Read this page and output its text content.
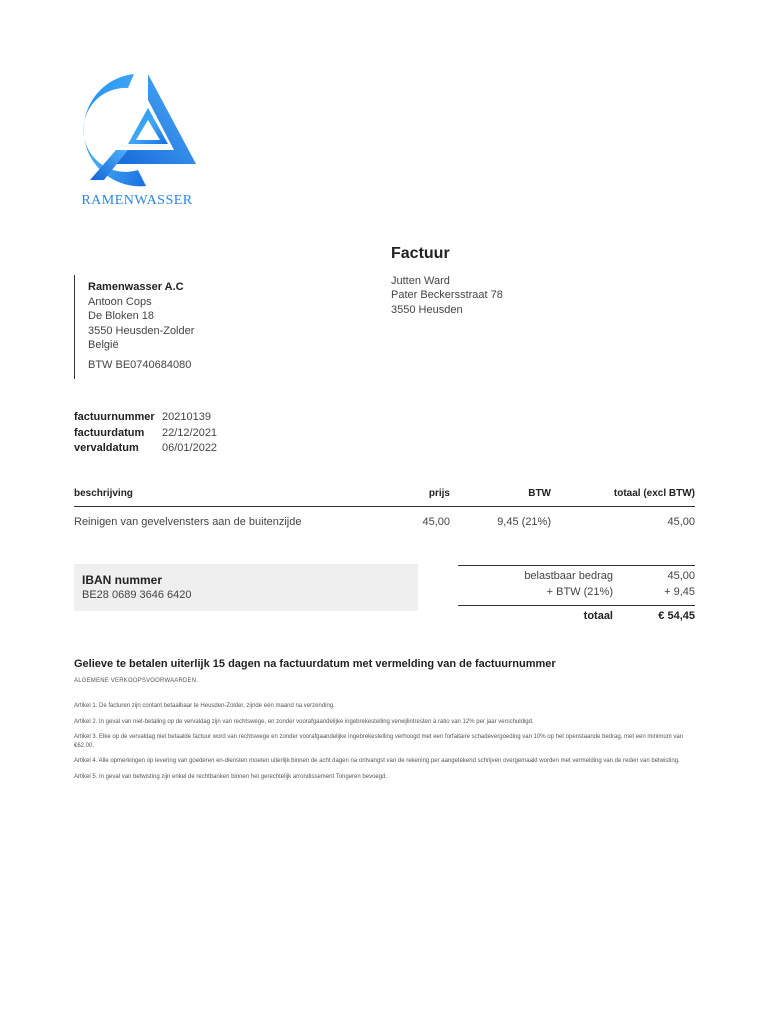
RAMENWASSER
Factuur
Ramenwasser A.C
Antoon Cops
De Bloken 18
3550 Heusden-Zolder
België
BTW BE0740684080
Jutten Ward
Pater Beckersstraat 78
3550 Heusden
factuurnummer 20210139
factuurdatum	22/12/2021
vervaldatum	06/01/2022
beschrijving	prijs	BTW	totaal (excl BTW)
Reinigen van gevelvensters aan de buitenzijde	45,00	9,45 (21%)	45,00
IBAN nummer
BE28 0689 3646 6420
belastbaar bedrag	45,00
+ BTW (21%)	+ 9,45
totaal	€ 54,45
Gelieve te betalen uiterlijk 15 dagen na factuurdatum met vermelding van de factuurnummer
ALGEMENE VERKOOPSVOORWAARDEN.
Artikel 1. De facturen zijn contant betaalbaar te Heusden-Zolder, zijnde één maand na verzending.
Artikel 2. In geval van niet-betaling op de vervaldag zijn van rechtswege, en zonder voorafgaandelijke ingebrekestelling verwijlintresten à ratio van 12% per jaar verschuldigd.
Artikel 3. Elke op de vervaldag niet betaalde factuur word van rechtswege en zonder voorafgaandelijke ingebrekestelling verhoogd met een forfaitaire schadevergoeding van 10% op het openstaande bedrag, met een minimum van €62.00.
Artikel 4. Alle opmerkingen op levering van goederen en-diensten moeten uiterlijk binnen de acht dagen na ontvangst van de rekening per aangetekend schrijven overgemaakt worden met vermelding van de reden van betwisting.
Artikel 5. In geval van betwisting zijn enkel de rechtbanken binnen het gerechtelijk arrondissement Tongeren bevoegd.
